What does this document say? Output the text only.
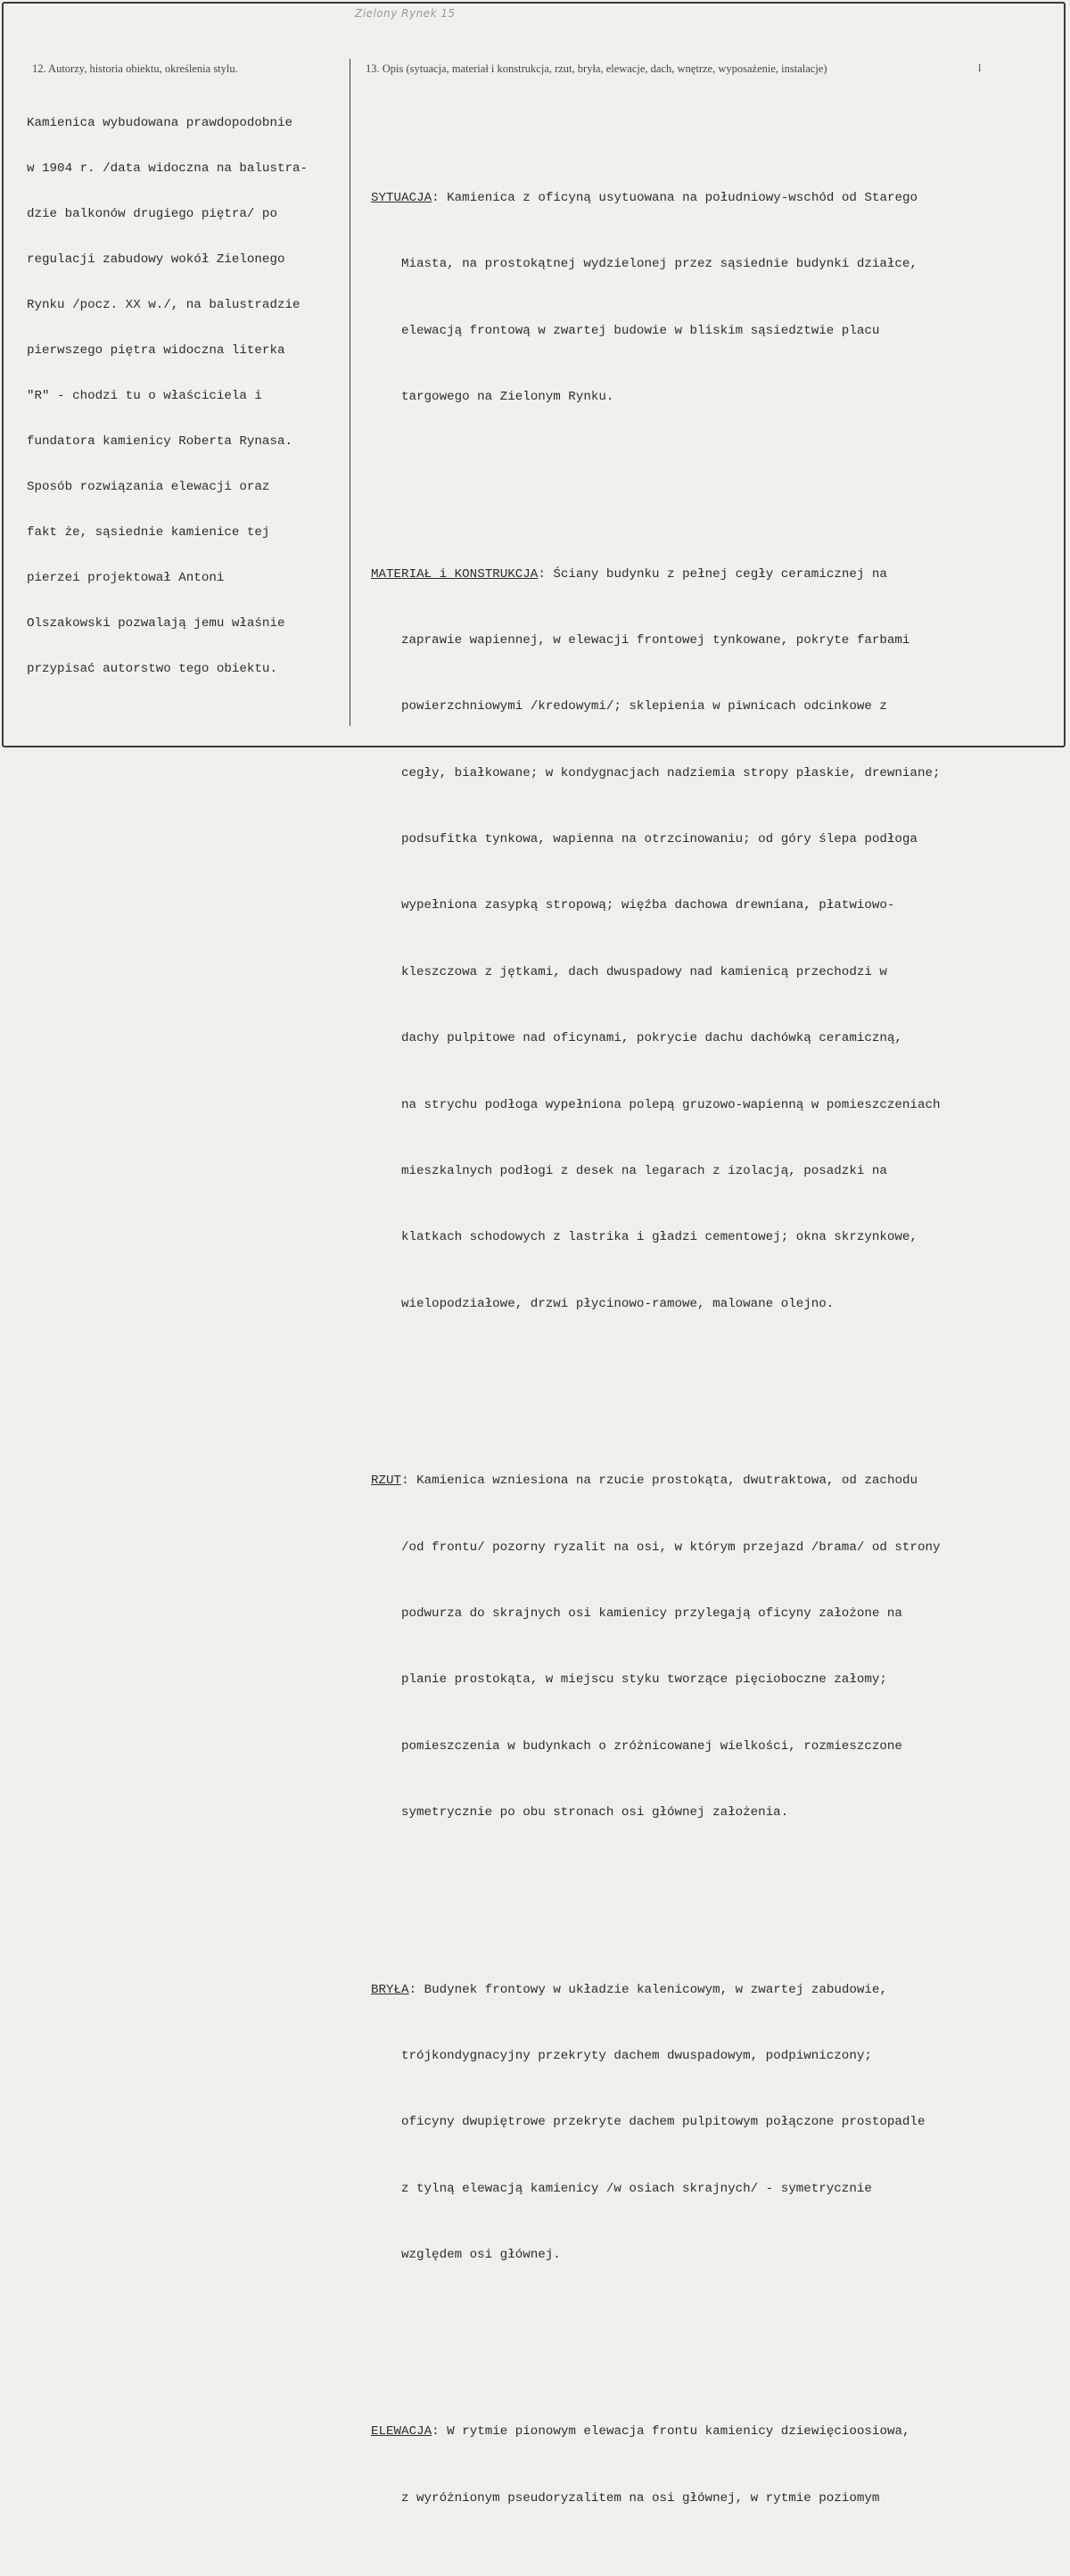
Zielony Rynek 15
12. Autorzy, historia obiektu, określenia stylu.	13. Opis (sytuacja, materiał i konstrukcja, rzut, bryła, elewacje, dach, wnętrze, wyposażenie, instalacje)	l

Kamienica wybudowana prawdopodobnie

w 1904 r. /data widoczna na balustra-

dzie balkonów drugiego piętra/ po

regulacji zabudowy wokół Zielonego

Rynku /pocz. XX w./, na balustradzie

pierwszego piętra widoczna literka

"R" - chodzi tu o właściciela i

fundatora kamienicy Roberta Rynasa.

Sposób rozwiązania elewacji oraz

fakt że, sąsiednie kamienice tej

pierzei projektował Antoni

Olszakowski pozwalają jemu właśnie

przypisać autorstwo tego obiektu.

SYTUACJA: Kamienica z oficyną usytuowana na południowy-wschód od Starego

Miasta, na prostokątnej wydzielonej przez sąsiednie budynki działce,

elewacją frontową w zwartej budowie w bliskim sąsiedztwie placu

targowego na Zielonym Rynku.

MATERIAŁ i KONSTRUKCJA: Ściany budynku z pełnej cegły ceramicznej na

zaprawie wapiennej, w elewacji frontowej tynkowane, pokryte farbami

powierzchniowymi /kredowymi/; sklepienia w piwnicach odcinkowe z

cegły, białkowane; w kondygnacjach nadziemia stropy płaskie, drewniane;

podsufitka tynkowa, wapienna na otrzcinowaniu; od góry ślepa podłoga

wypełniona zasypką stropową; więźba dachowa drewniana, płatwiowo-

kleszczowa z jętkami, dach dwuspadowy nad kamienicą przechodzi w

dachy pulpitowe nad oficynami, pokrycie dachu dachówką ceramiczną,

na strychu podłoga wypełniona polepą gruzowo-wapienną w pomieszczeniach

mieszkalnych podłogi z desek na legarach z izolacją, posadzki na

klatkach schodowych z lastrika i gładzi cementowej; okna skrzynkowe,

wielopodziałowe, drzwi płycinowo-ramowe, malowane olejno.

RZUT: Kamienica wzniesiona na rzucie prostokąta, dwutraktowa, od zachodu

/od frontu/ pozorny ryzalit na osi, w którym przejazd /brama/ od strony

podwurza do skrajnych osi kamienicy przylegają oficyny założone na

planie prostokąta, w miejscu styku tworzące pięcioboczne załomy;

pomieszczenia w budynkach o zróżnicowanej wielkości, rozmieszczone

symetrycznie po obu stronach osi głównej założenia.

BRYŁA: Budynek frontowy w układzie kalenicowym, w zwartej zabudowie,

trójkondygnacyjny przekryty dachem dwuspadowym, podpiwniczony;

oficyny dwupiętrowe przekryte dachem pulpitowym połączone prostopadle

z tylną elewacją kamienicy /w osiach skrajnych/ - symetrycznie

względem osi głównej.

ELEWACJA: W rytmie pionowym elewacja frontu kamienicy dziewięcioosiowa,

z wyróżnionym pseudoryzalitem na osi głównej, w rytmie poziomym
